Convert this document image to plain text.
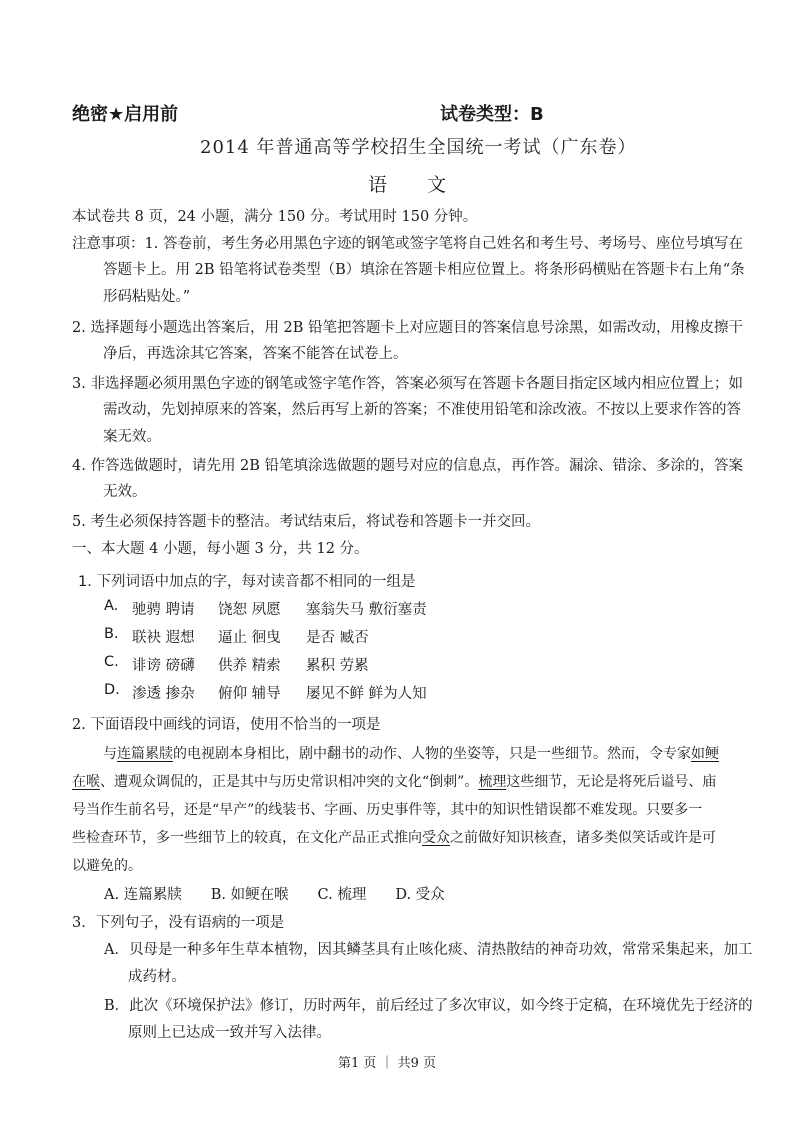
绝密★启用前	试卷类型：B
2014 年普通高等学校招生全国统一考试（广东卷）
语文
本试卷共 8 页，24 小题，满分 150 分。考试用时 150 分钟。
注意事项：1. 答卷前，考生务必用黑色字迹的钢笔或签字笔将自己姓名和考生号、考场号、座位号填写在
答题卡上。用 2B 铅笔将试卷类型（B）填涂在答题卡相应位置上。将条形码横贴在答题卡右上角“条
形码粘贴处。”
2. 选择题每小题选出答案后，用 2B 铅笔把答题卡上对应题目的答案信息号涂黑，如需改动，用橡皮擦干
净后，再选涂其它答案，答案不能答在试卷上。
3. 非选择题必须用黑色字迹的钢笔或签字笔作答，答案必须写在答题卡各题目指定区域内相应位置上；如
需改动，先划掉原来的答案，然后再写上新的答案；不准使用铅笔和涂改液。不按以上要求作答的答
案无效。
4. 作答选做题时，请先用 2B 铅笔填涂选做题的题号对应的信息点，再作答。漏涂、错涂、多涂的，答案
无效。
5. 考生必须保持答题卡的整洁。考试结束后，将试卷和答题卡一并交回。
一、本大题 4 小题，每小题 3 分，共 12 分。
1. 下列词语中加点的字，每对读音都不相同的一组是
A. 驰骋 聘请 饶恕 夙愿 塞翁失马 敷衍塞责
B. 联袂 遐想 逼止 徊曳 是否 臧否
C. 诽谤 磅礴 供养 精索 累积 劳累
D. 渗透 掺杂 俯仰 辅导 屡见不鲜 鲜为人知
2. 下面语段中画线的词语，使用不恰当的一项是
与连篇累牍的电视剧本身相比，剧中翻书的动作、人物的坐姿等，只是一些细节。然而，令专家如鲠
在喉、遭观众调侃的，正是其中与历史常识相冲突的文化“倒刺”。梳理这些细节，无论是将死后谥号、庙
号当作生前名号，还是“早产”的线装书、字画、历史事件等，其中的知识性错误都不难发现。只要多一
些检查环节，多一些细节上的较真，在文化产品正式推向受众之前做好知识核查，诸多类似笑话或许是可
以避免的。
A. 连篇累牍　　B. 如鲠在喉　　C. 梳理　　D. 受众
3．下列句子，没有语病的一项是
A．贝母是一种多年生草本植物，因其鳞茎具有止咳化痰、清热散结的神奇功效，常常采集起来，加工
成药材。
B．此次《环境保护法》修订，历时两年，前后经过了多次审议，如今终于定稿，在环境优先于经济的
原则上已达成一致并写入法律。
第1 页 ｜ 共9 页
